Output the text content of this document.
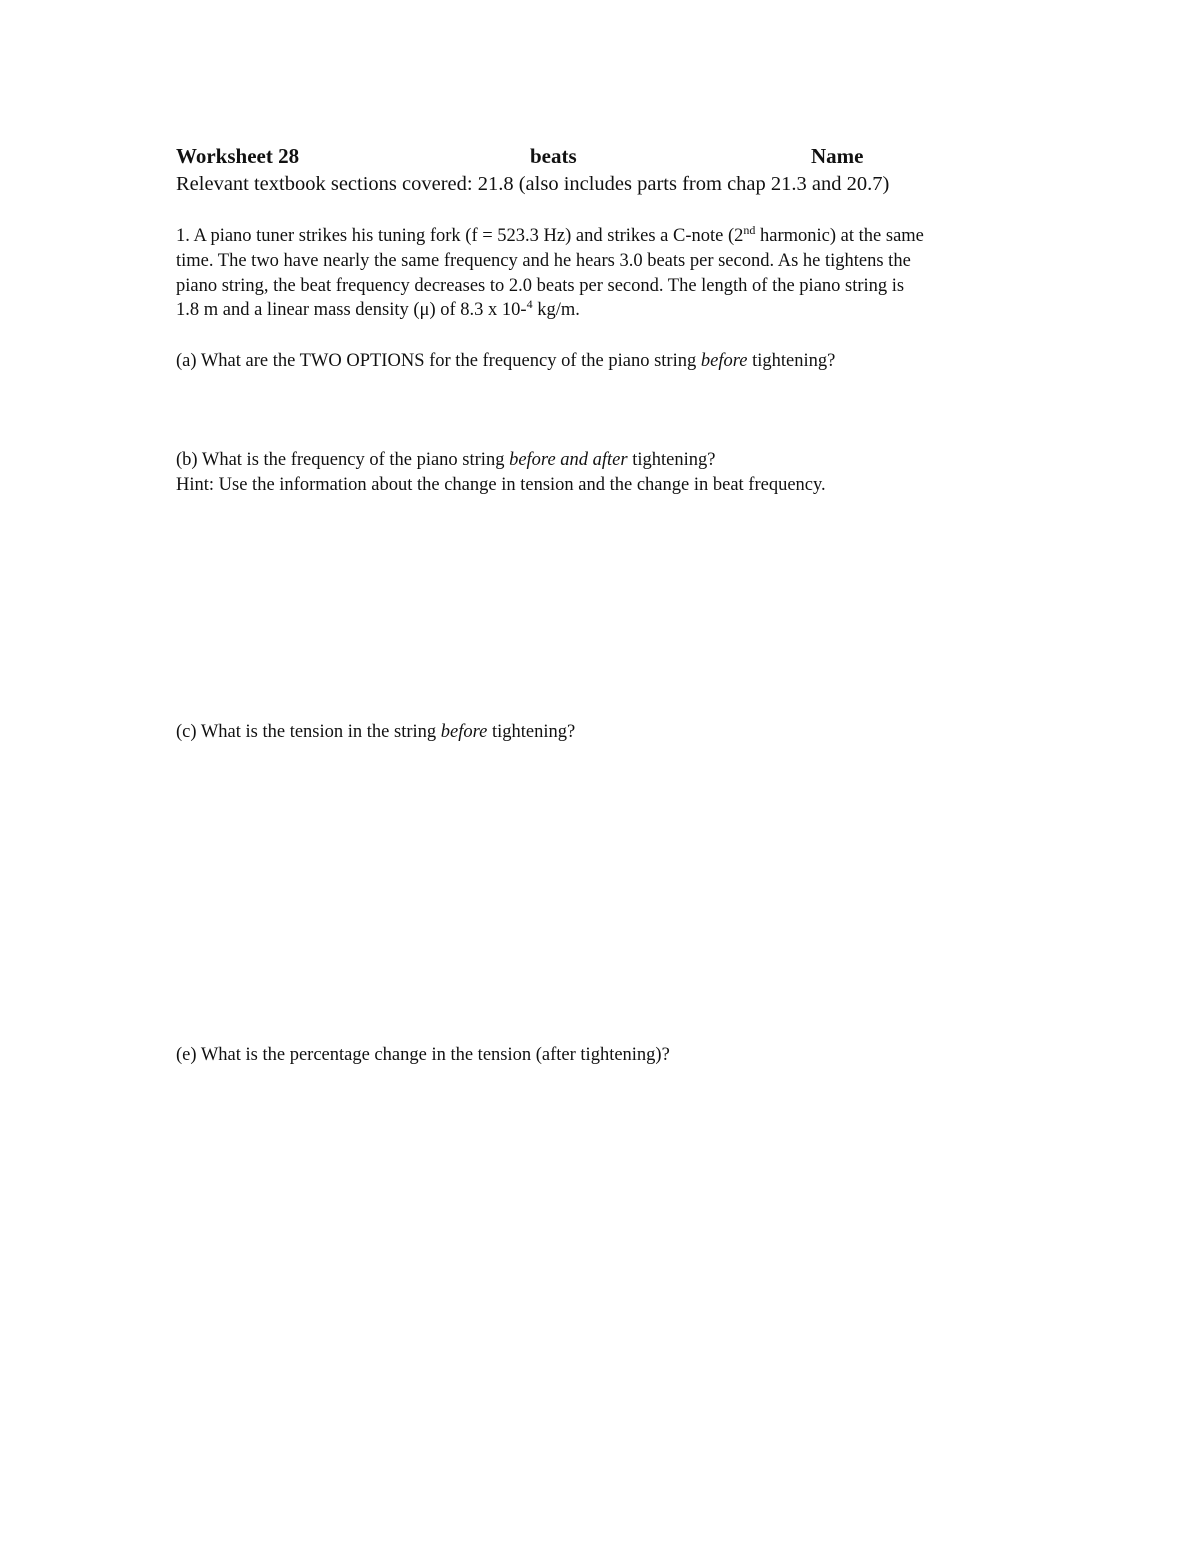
Worksheet 28	beats	Name
Relevant textbook sections covered: 21.8 (also includes parts from chap 21.3 and 20.7)
1. A piano tuner strikes his tuning fork (f = 523.3 Hz) and strikes a C-note (2nd harmonic) at the same
time. The two have nearly the same frequency and he hears 3.0 beats per second. As he tightens the
piano string, the beat frequency decreases to 2.0 beats per second. The length of the piano string is
1.8 m and a linear mass density (μ) of 8.3 x 10-$^4$ kg/m.
(a) What are the TWO OPTIONS for the frequency of the piano string before tightening?
(b) What is the frequency of the piano string before and after tightening?
Hint: Use the information about the change in tension and the change in beat frequency.
(c) What is the tension in the string before tightening?
(e) What is the percentage change in the tension (after tightening)?
